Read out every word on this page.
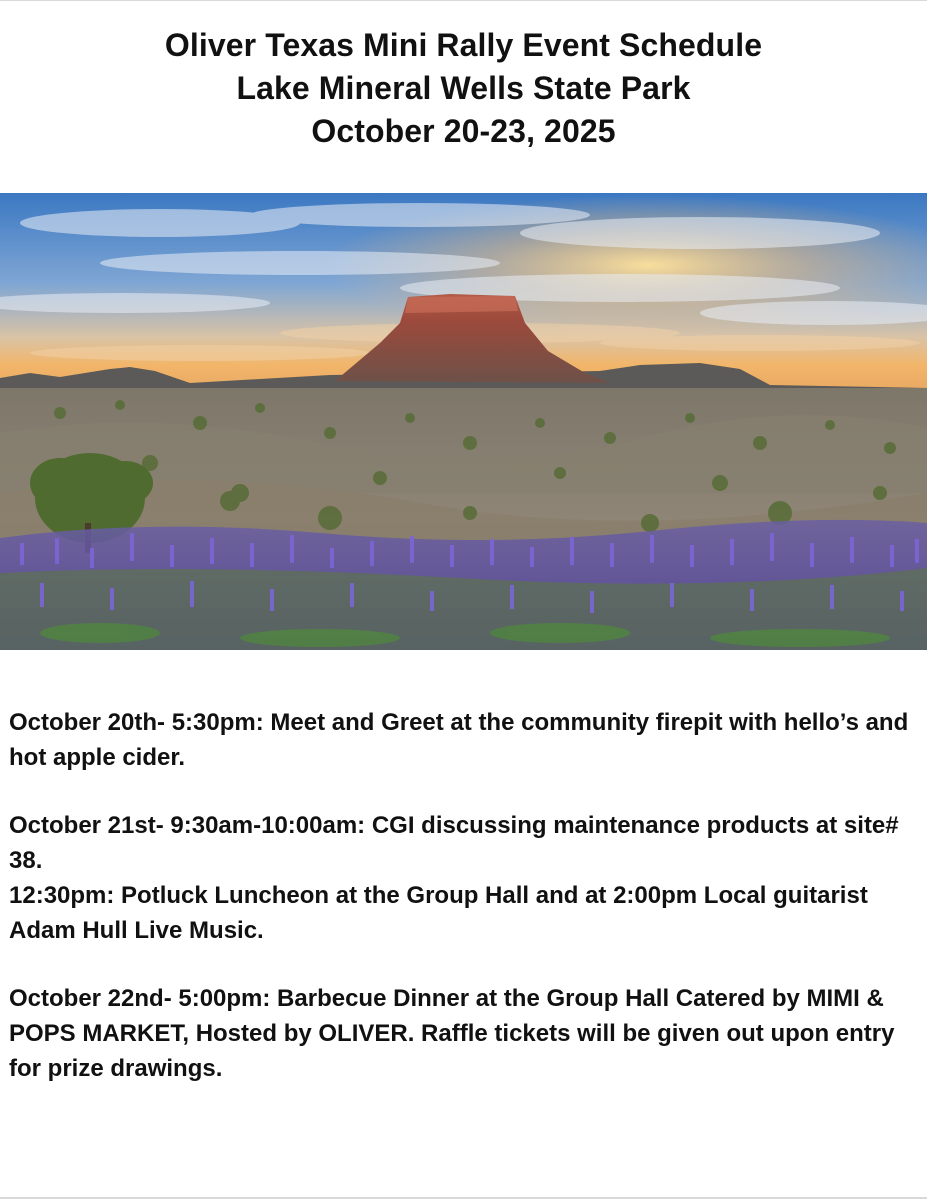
Oliver Texas Mini Rally Event Schedule
Lake Mineral Wells State Park
October 20-23, 2025

October 20th- 5:30pm: Meet and Greet at the community firepit with hello’s and hot apple cider.

October 21st- 9:30am-10:00am: CGI discussing maintenance products at site# 38.

12:30pm: Potluck Luncheon at the Group Hall and at 2:00pm Local guitarist Adam Hull Live Music.

October 22nd- 5:00pm: Barbecue Dinner at the Group Hall Catered by MIMI & POPS MARKET, Hosted by OLIVER. Raffle tickets will be given out upon entry for prize drawings.
